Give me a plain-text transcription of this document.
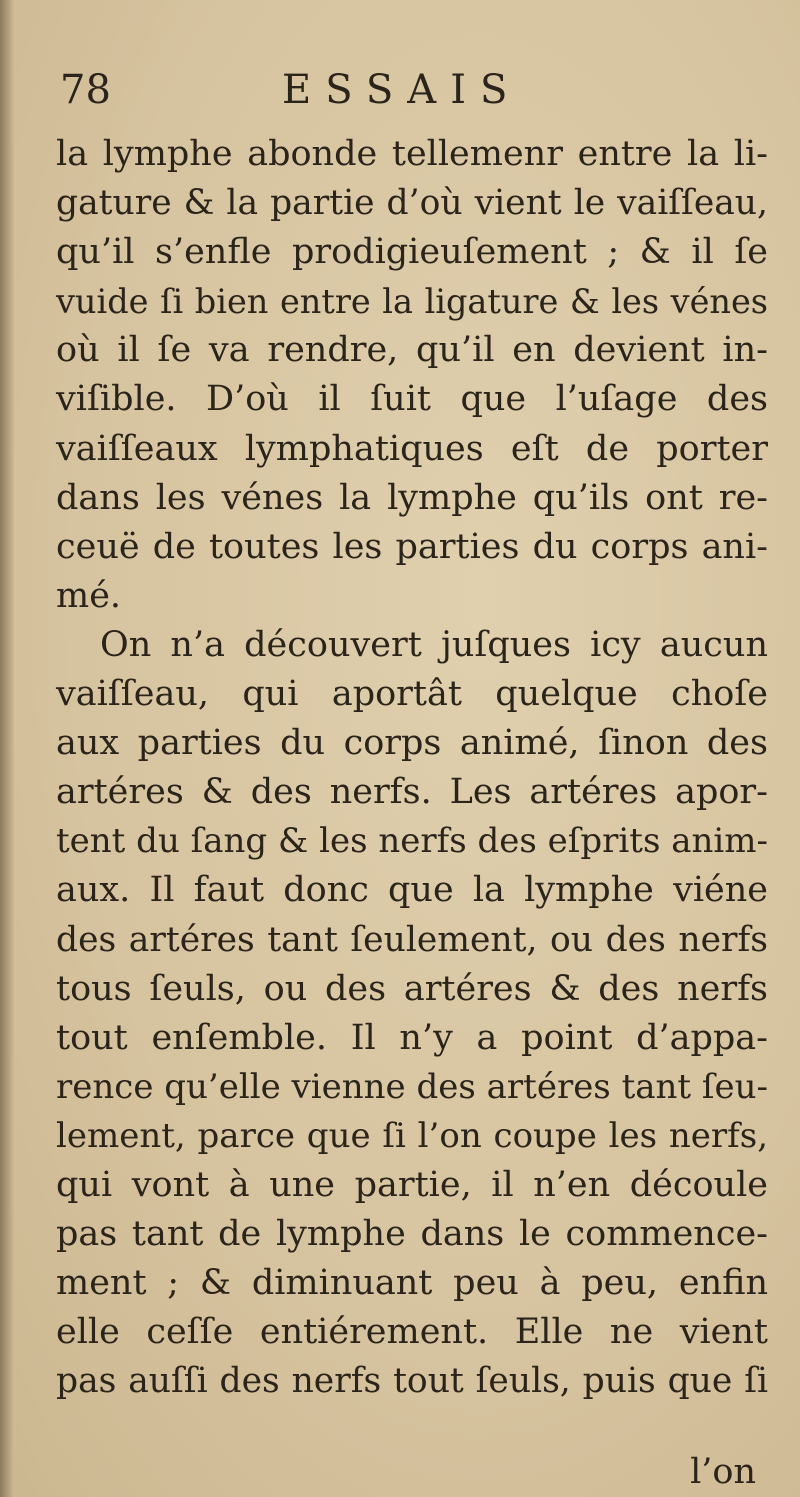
78	ESSAIS
la lymphe abonde tellemenr entre la li-
gature & la partie d’où vient le vaiſſeau,
qu’il s’enfle prodigieuſement ; & il ſe
vuide ſi bien entre la ligature & les vénes
où il ſe va rendre, qu’il en devient in-
viſible. D’où il ſuit que l’uſage des
vaiſſeaux lymphatiques eſt de porter
dans les vénes la lymphe qu’ils ont re-
ceuë de toutes les parties du corps ani-
mé.
On n’a découvert juſques icy aucun
vaiſſeau, qui aportât quelque choſe
aux parties du corps animé, ſinon des
artéres & des nerfs. Les artéres apor-
tent du ſang & les nerfs des eſprits anim-
aux. Il faut donc que la lymphe viéne
des artéres tant ſeulement, ou des nerfs
tous ſeuls, ou des artéres & des nerfs
tout enſemble. Il n’y a point d’appa-
rence qu’elle vienne des artéres tant ſeu-
lement, parce que ſi l’on coupe les nerfs,
qui vont à une partie, il n’en découle
pas tant de lymphe dans le commence-
ment ; & diminuant peu à peu, enfin
elle ceſſe entiérement. Elle ne vient
pas auſſi des nerfs tout ſeuls, puis que ſi
l’on
